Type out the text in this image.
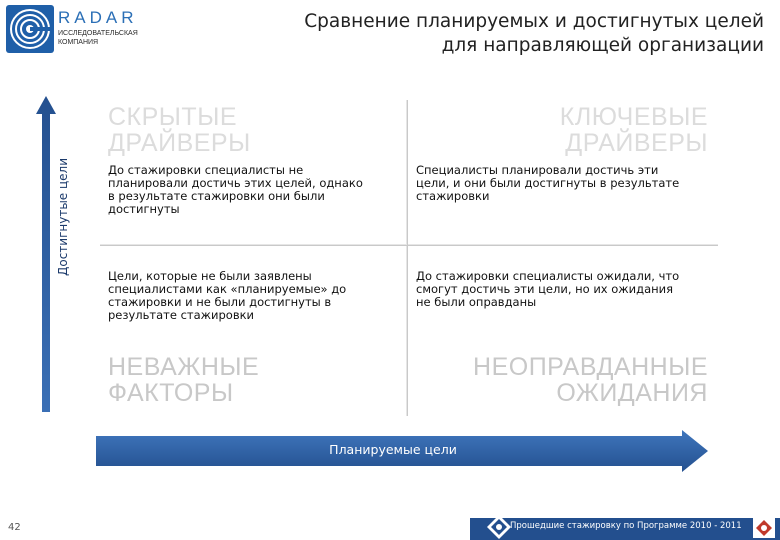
RADAR
ИССЛЕДОВАТЕЛЬСКАЯ КОМПАНИЯ
Сравнение планируемых и достигнутых целей
для направляющей организации
Достигнутые цели
СКРЫТЫЕ
ДРАЙВЕРЫ
До стажировки специалисты не
планировали достичь этих целей, однако
в результате стажировки они были
достигнуты
КЛЮЧЕВЫЕ
ДРАЙВЕРЫ
Специалисты планировали достичь эти
цели, и они были достигнуты в результате
стажировки
Цели, которые не были заявлены
специалистами как «планируемые» до
стажировки и не были достигнуты в
результате стажировки
НЕВАЖНЫЕ
ФАКТОРЫ
До стажировки специалисты ожидали, что
смогут достичь эти цели, но их ожидания
не были оправданы
НЕОПРАВДАННЫЕ
ОЖИДАНИЯ
Планируемые цели
42	Прошедшие стажировку по Программе 2010 - 2011
